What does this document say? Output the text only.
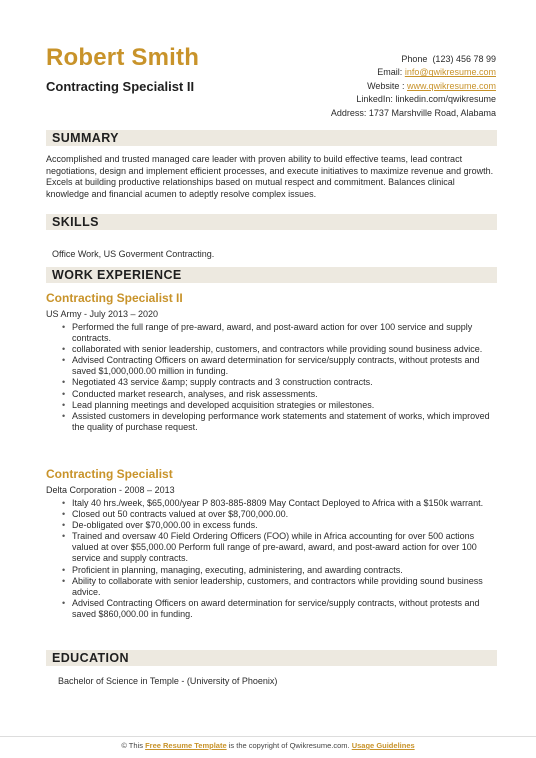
Robert Smith
Contracting Specialist II
Phone (123) 456 78 99
Email: info@qwikresume.com
Website : www.qwikresume.com
LinkedIn: linkedin.com/qwikresume
Address: 1737 Marshville Road, Alabama
SUMMARY
Accomplished and trusted managed care leader with proven ability to build effective teams, lead contract negotiations, design and implement efficient processes, and execute initiatives to maximize revenue and growth. Excels at building productive relationships based on mutual respect and commitment. Balances clinical knowledge and financial acumen to adeptly resolve complex issues.
SKILLS
Office Work, US Goverment Contracting.
WORK EXPERIENCE
Contracting Specialist II
US Army - July 2013 – 2020
• Performed the full range of pre-award, award, and post-award action for over 100 service and supply contracts.
• collaborated with senior leadership, customers, and contractors while providing sound business advice.
• Advised Contracting Officers on award determination for service/supply contracts, without protests and saved $1,000,000.00 million in funding.
• Negotiated 43 service &amp; supply contracts and 3 construction contracts.
• Conducted market research, analyses, and risk assessments.
• Lead planning meetings and developed acquisition strategies or milestones.
• Assisted customers in developing performance work statements and statement of works, which improved the quality of purchase request.
Contracting Specialist
Delta Corporation - 2008 – 2013
• Italy 40 hrs./week, $65,000/year P 803-885-8809 May Contact Deployed to Africa with a $150k warrant.
• Closed out 50 contracts valued at over $8,700,000.00.
• De-obligated over $70,000.00 in excess funds.
• Trained and oversaw 40 Field Ordering Officers (FOO) while in Africa accounting for over 500 actions valued at over $55,000.00 Perform full range of pre-award, award, and post-award action for over 100 service and supply contracts.
• Proficient in planning, managing, executing, administering, and awarding contracts.
• Ability to collaborate with senior leadership, customers, and contractors while providing sound business advice.
• Advised Contracting Officers on award determination for service/supply contracts, without protests and saved $860,000.00 in funding.
EDUCATION
Bachelor of Science in Temple - (University of Phoenix)
© This Free Resume Template is the copyright of Qwikresume.com. Usage Guidelines
